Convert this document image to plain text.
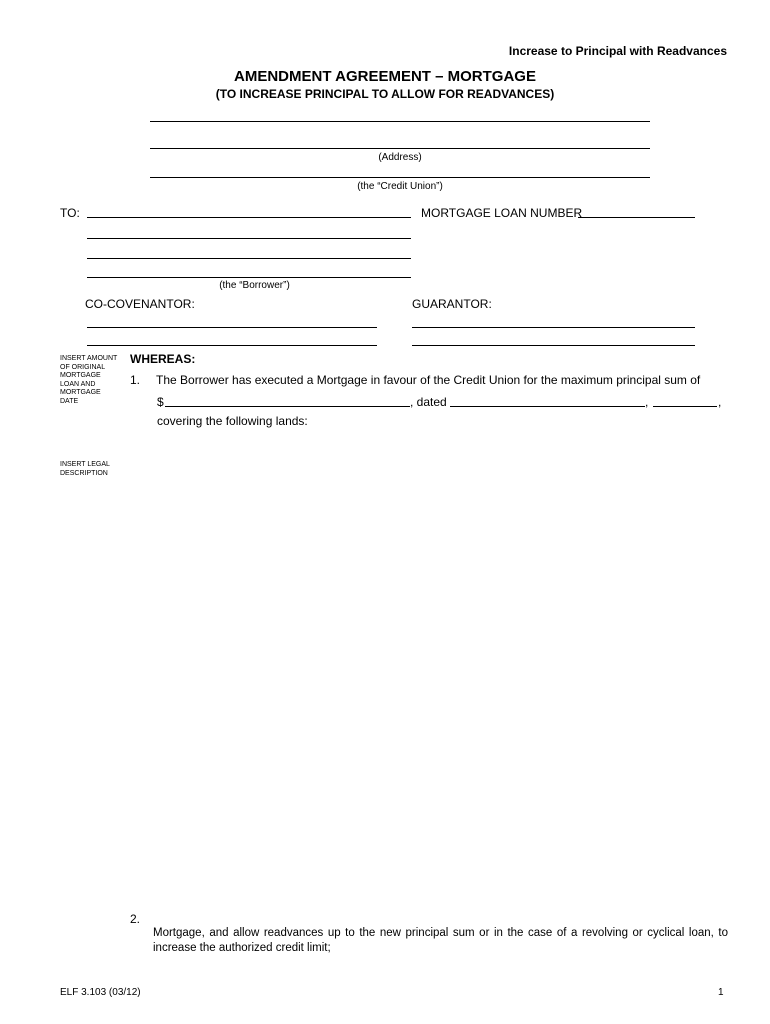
Increase to Principal with Readvances
AMENDMENT AGREEMENT – MORTGAGE
(TO INCREASE PRINCIPAL TO ALLOW FOR READVANCES)
(Address)
(the “Credit Union”)
TO:	MORTGAGE LOAN NUMBER
(the “Borrower”)
CO-COVENANTOR:	GUARANTOR:
INSERT AMOUNT OF ORIGINAL MORTGAGE LOAN AND MORTGAGE DATE
INSERT LEGAL DESCRIPTION
WHEREAS:
1. The Borrower has executed a Mortgage in favour of the Credit Union for the maximum principal sum of
$	, dated	,	,
covering the following lands:
2.
Mortgage, and allow readvances up to the new principal sum or in the case of a revolving or cyclical loan, to increase the authorized credit limit;
ELF 3.103 (03/12)	1
